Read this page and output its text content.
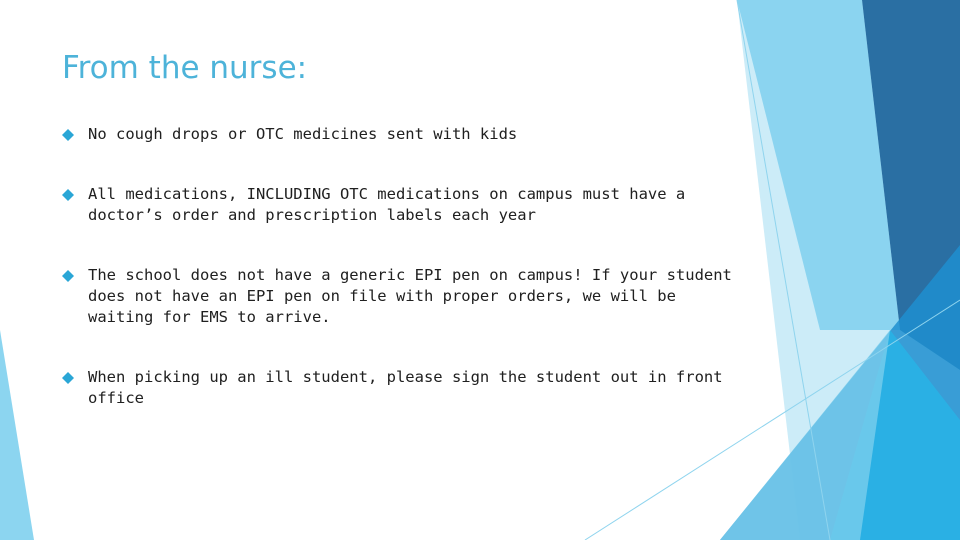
From the nurse:
No cough drops or OTC medicines sent with kids
All medications, INCLUDING OTC medications on campus must have a doctor’s order and prescription labels each year
The school does not have a generic EPI pen on campus! If your student does not have an EPI pen on file with proper orders, we will be waiting for EMS to arrive.
When picking up an ill student, please sign the student out in front office
